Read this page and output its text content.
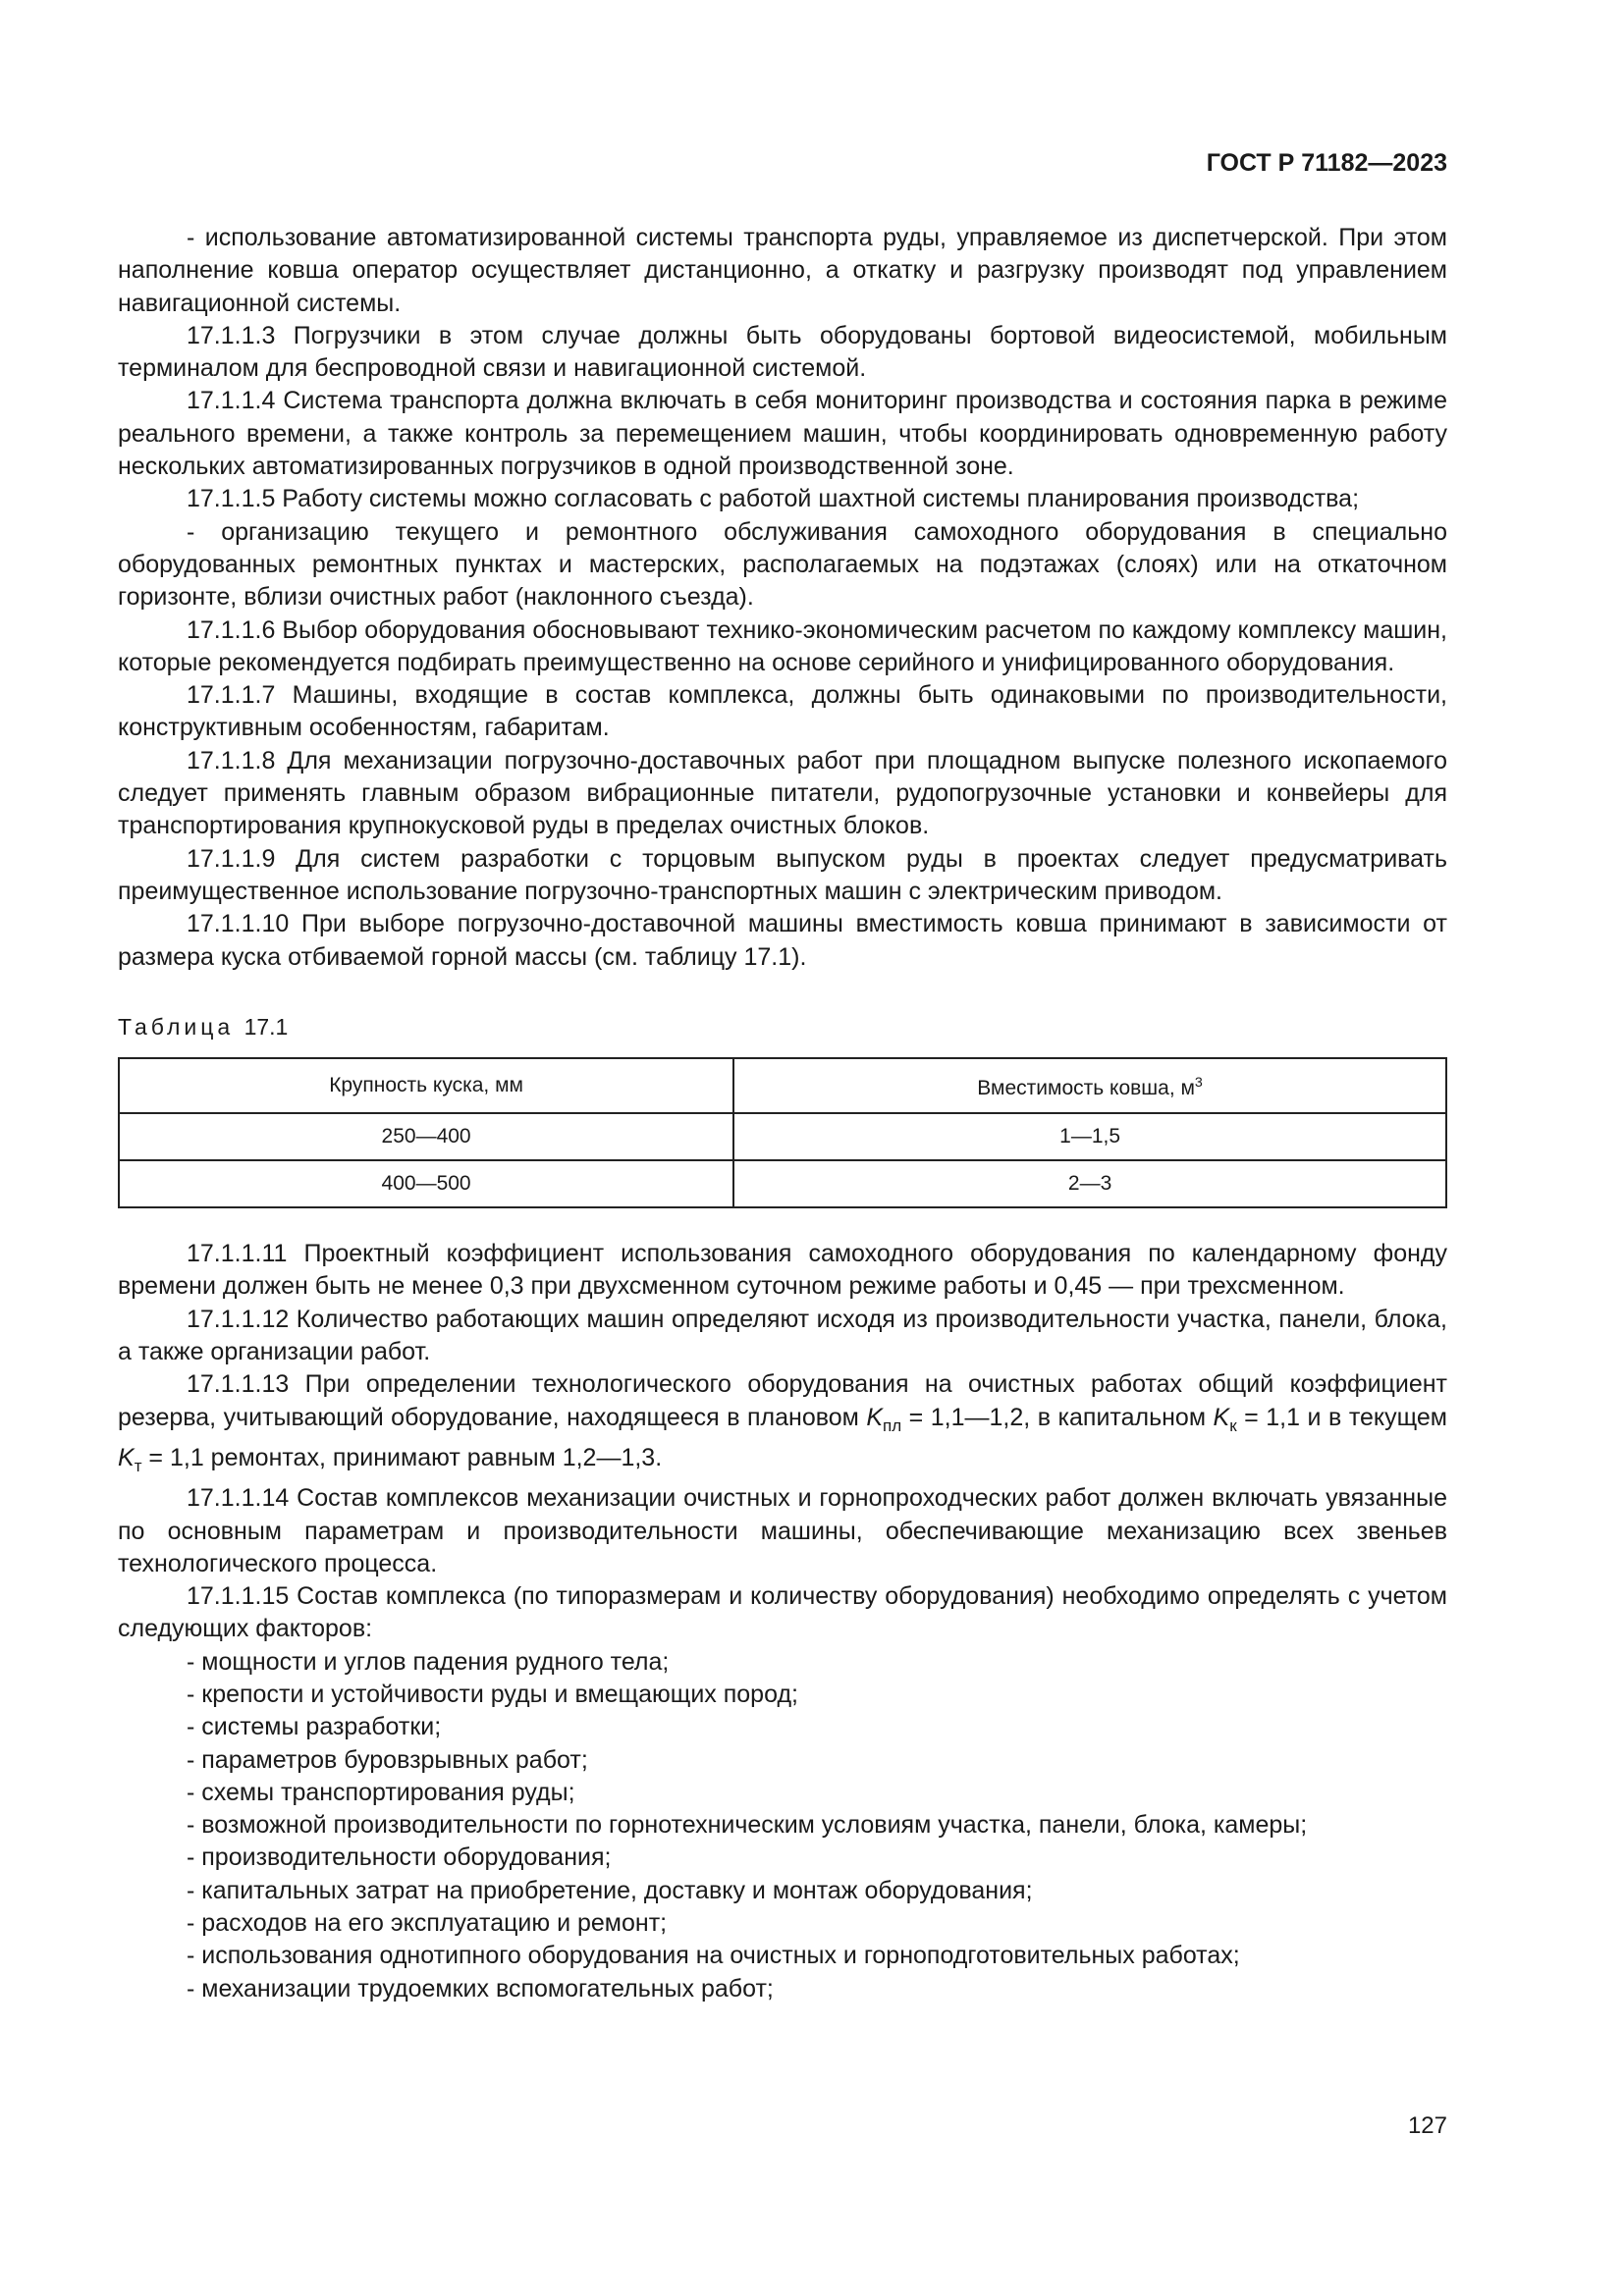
ГОСТ Р 71182—2023

- использование автоматизированной системы транспорта руды, управляемое из диспетчерской. При этом наполнение ковша оператор осуществляет дистанционно, а откатку и разгрузку производят под управлением навигационной системы.

17.1.1.3 Погрузчики в этом случае должны быть оборудованы бортовой видеосистемой, мобильным терминалом для беспроводной связи и навигационной системой.

17.1.1.4 Система транспорта должна включать в себя мониторинг производства и состояния парка в режиме реального времени, а также контроль за перемещением машин, чтобы координировать одновременную работу нескольких автоматизированных погрузчиков в одной производственной зоне.

17.1.1.5 Работу системы можно согласовать с работой шахтной системы планирования производства;

- организацию текущего и ремонтного обслуживания самоходного оборудования в специально оборудованных ремонтных пунктах и мастерских, располагаемых на подэтажах (слоях) или на откаточном горизонте, вблизи очистных работ (наклонного съезда).

17.1.1.6 Выбор оборудования обосновывают технико-экономическим расчетом по каждому комплексу машин, которые рекомендуется подбирать преимущественно на основе серийного и унифицированного оборудования.

17.1.1.7 Машины, входящие в состав комплекса, должны быть одинаковыми по производительности, конструктивным особенностям, габаритам.

17.1.1.8 Для механизации погрузочно-доставочных работ при площадном выпуске полезного ископаемого следует применять главным образом вибрационные питатели, рудопогрузочные установки и конвейеры для транспортирования крупнокусковой руды в пределах очистных блоков.

17.1.1.9 Для систем разработки с торцовым выпуском руды в проектах следует предусматривать преимущественное использование погрузочно-транспортных машин с электрическим приводом.

17.1.1.10 При выборе погрузочно-доставочной машины вместимость ковша принимают в зависимости от размера куска отбиваемой горной массы (см. таблицу 17.1).

Таблица 17.1
Крупность куска, мм	Вместимость ковша, $м^3$
250—400	1—1,5
400—500	2—3

17.1.1.11 Проектный коэффициент использования самоходного оборудования по календарному фонду времени должен быть не менее 0,3 при двухсменном суточном режиме работы и 0,45 — при трехсменном.

17.1.1.12 Количество работающих машин определяют исходя из производительности участка, панели, блока, а также организации работ.

17.1.1.13 При определении технологического оборудования на очистных работах общий коэффициент резерва, учитывающий оборудование, находящееся в плановом $K_{пл}$ = 1,1—1,2, в капитальном $K_к = 1,1$ и в текущем $K_т = 1,1$ ремонтах, принимают равным 1,2—1,3.

17.1.1.14 Состав комплексов механизации очистных и горнопроходческих работ должен включать увязанные по основным параметрам и производительности машины, обеспечивающие механизацию всех звеньев технологического процесса.

17.1.1.15 Состав комплекса (по типоразмерам и количеству оборудования) необходимо определять с учетом следующих факторов:

- мощности и углов падения рудного тела;

- крепости и устойчивости руды и вмещающих пород;

- системы разработки;

- параметров буровзрывных работ;

- схемы транспортирования руды;

- возможной производительности по горнотехническим условиям участка, панели, блока, камеры;

- производительности оборудования;

- капитальных затрат на приобретение, доставку и монтаж оборудования;

- расходов на его эксплуатацию и ремонт;

- использования однотипного оборудования на очистных и горноподготовительных работах;

- механизации трудоемких вспомогательных работ;

127
